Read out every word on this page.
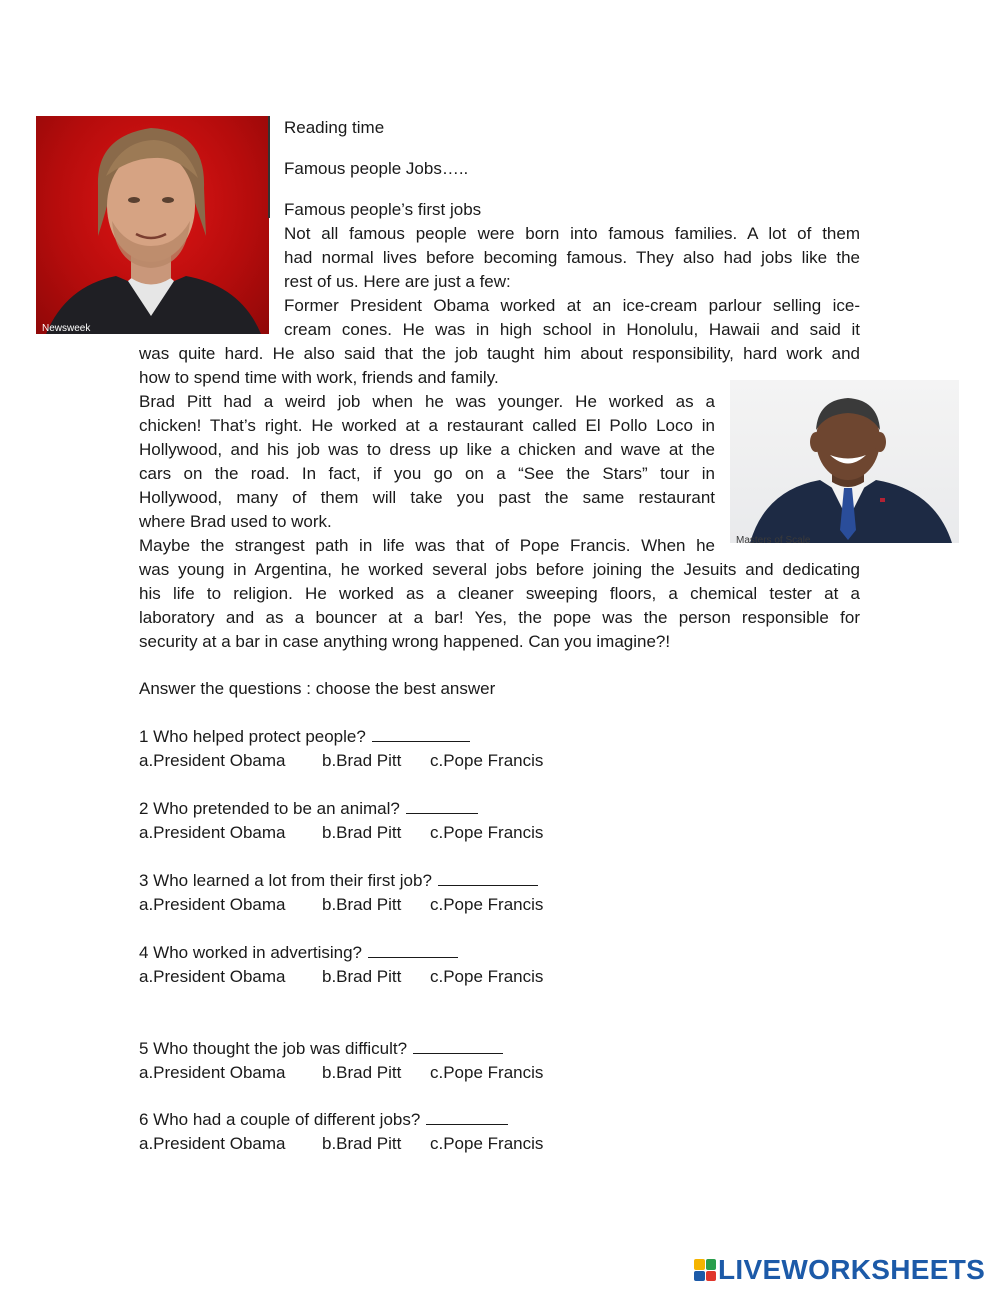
Newsweek
Masters of Scale
Reading time
Famous people Jobs…..
Famous people’s first jobs
Not all famous people were born into famous families. A lot of them
had normal lives before becoming famous. They also had jobs like the
rest of us. Here are just a few:
Former President Obama worked at an ice-cream parlour selling ice-
cream cones. He was in high school in Honolulu, Hawaii and said it
was quite hard. He also said that the job taught him about responsibility, hard work and
how to spend time with work, friends and family.
Brad Pitt had a weird job when he was younger. He worked as a
chicken! That’s right. He worked at a restaurant called El Pollo Loco in
Hollywood, and his job was to dress up like a chicken and wave at the
cars on the road. In fact, if you go on a “See the Stars” tour in
Hollywood, many of them will take you past the same restaurant
where Brad used to work.
Maybe the strangest path in life was that of Pope Francis. When he
was young in Argentina, he worked several jobs before joining the Jesuits and dedicating
his life to religion. He worked as a cleaner sweeping floors, a chemical tester at a
laboratory and as a bouncer at a bar! Yes, the pope was the person responsible for
security at a bar in case anything wrong happened. Can you imagine?!
Answer the questions : choose the best answer
1 Who helped protect people?
a.President Obama b.Brad Pitt c.Pope Francis
2 Who pretended to be an animal?
a.President Obama b.Brad Pitt c.Pope Francis
3 Who learned a lot from their first job?
a.President Obama b.Brad Pitt c.Pope Francis
4 Who worked in advertising?
a.President Obama b.Brad Pitt c.Pope Francis
5 Who thought the job was difficult?
a.President Obama b.Brad Pitt c.Pope Francis
6 Who had a couple of different jobs?
a.President Obama b.Brad Pitt c.Pope Francis
LIVEWORKSHEETS
